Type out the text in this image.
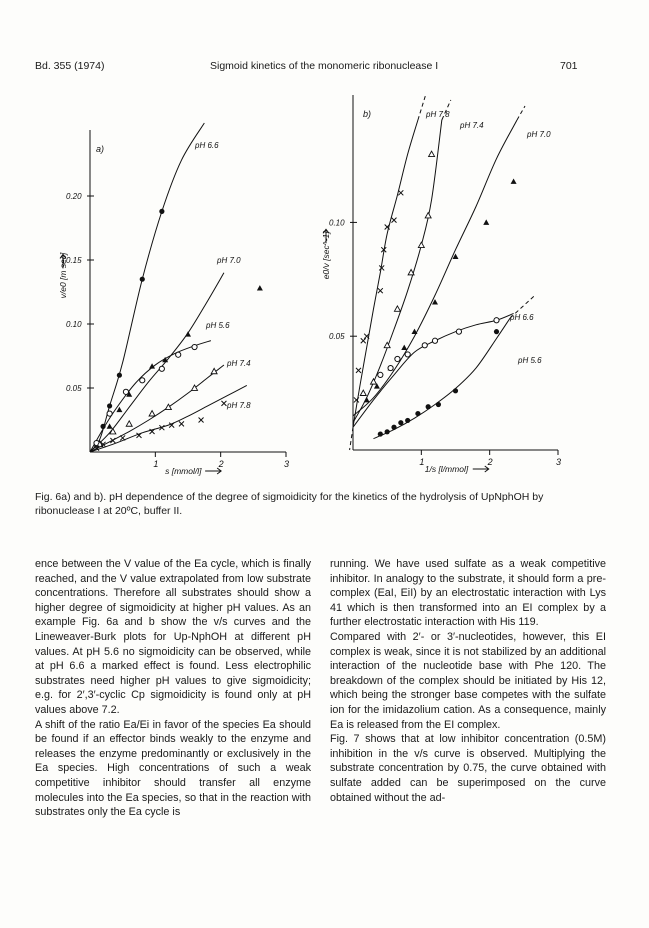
Bd. 355 (1974)	Sigmoid kinetics of the monomeric ribonuclease I	701
1	2	3
0.05
0.10
0.15
0.20
a)
s [mmol/l]
v/e0 [m sec]
pH 6.6
pH 7.0
pH 5.6
pH 7.4
pH 7.8
1	2	3
0.05
0.10
b)
1/s [l/mmol]
e0/v [sec^-1]
pH 7.8
pH 7.4
pH 7.0
pH 6.6
pH 5.6
Fig. 6a) and b). pH dependence of the degree of sigmoidicity for the kinetics of the hydrolysis of UpNphOH by ribonuclease I at 20ºC, buffer II.

ence between the V value of the Ea cycle, which is finally reached, and the V value extrapolated from low substrate concentrations. Therefore all substrates should show a higher degree of sigmoidicity at higher pH values. As an example Fig. 6a and b show the v/s curves and the Lineweaver-Burk plots for Up-NphOH at different pH values. At pH 5.6 no sigmoidicity can be observed, while at pH 6.6 a marked effect is found. Less electrophilic substrates need higher pH values to give sigmoidicity; e.g. for 2′,3′-cyclic Cp sigmoidicity is found only at pH values above 7.2.

A shift of the ratio Ea/Ei in favor of the species Ea should be found if an effector binds weakly to the enzyme and releases the enzyme predominantly or exclusively in the Ea species. High concentrations of such a weak competitive inhibitor should transfer all enzyme molecules into the Ea species, so that in the reaction with substrates only the Ea cycle is

running. We have used sulfate as a weak competitive inhibitor. In analogy to the substrate, it should form a pre-complex (EaI, EiI) by an electrostatic interaction with Lys 41 which is then transformed into an EI complex by a further electrostatic interaction with His 119.

Compared with 2′- or 3′-nucleotides, however, this EI complex is weak, since it is not stabilized by an additional interaction of the nucleotide base with Phe 120. The breakdown of the complex should be initiated by His 12, which being the stronger base competes with the sulfate ion for the imidazolium cation. As a consequence, mainly Ea is released from the EI complex.

Fig. 7 shows that at low inhibitor concentration (0.5M) inhibition in the v/s curve is observed. Multiplying the substrate concentration by 0.75, the curve obtained with sulfate added can be superimposed on the curve obtained without the ad-
